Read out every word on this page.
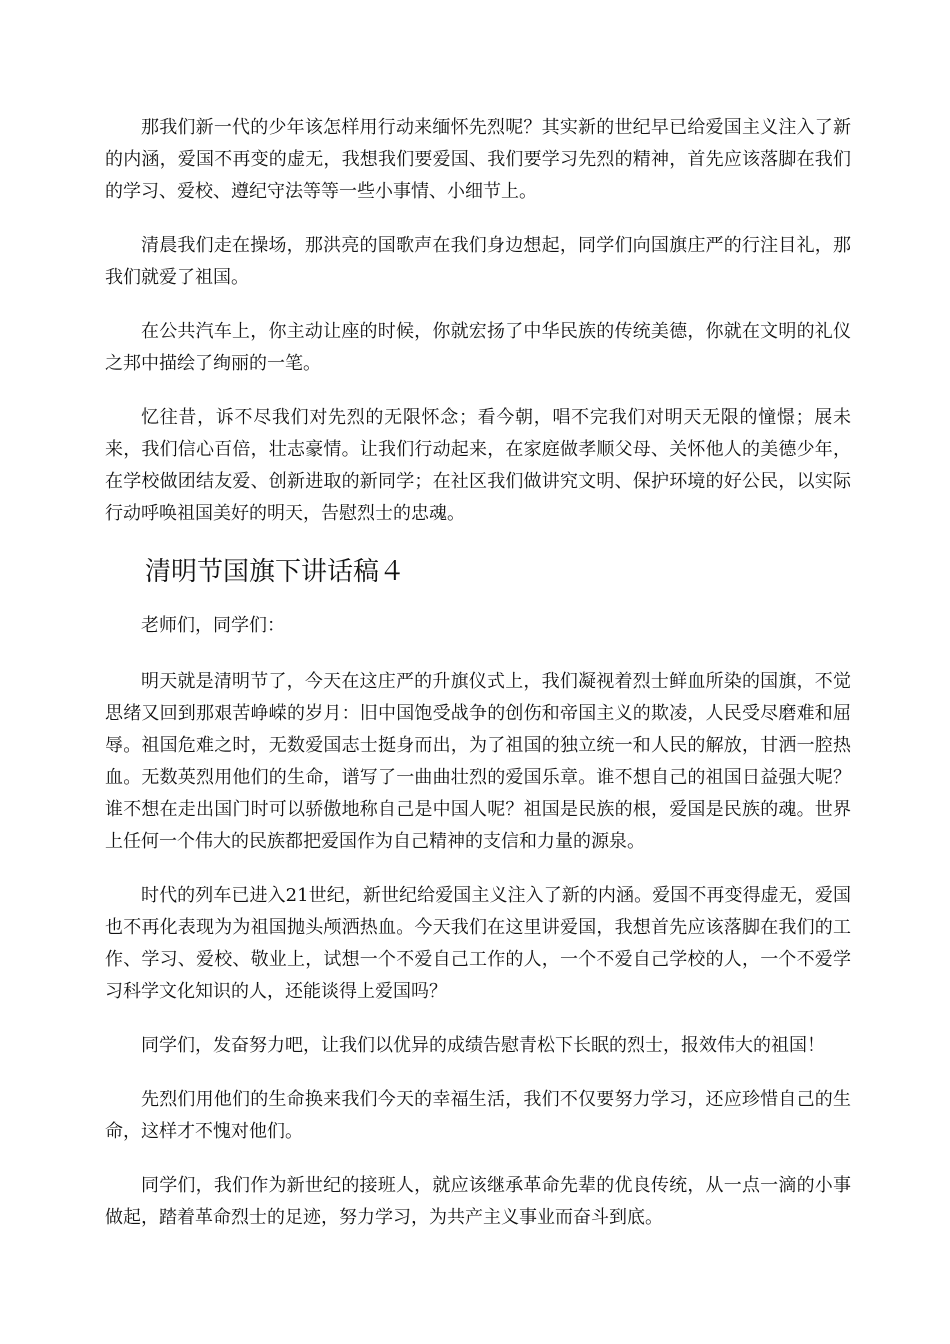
那我们新一代的少年该怎样用行动来缅怀先烈呢？其实新的世纪早已给爱国主义注入了新的内涵，爱国不再变的虚无，我想我们要爱国、我们要学习先烈的精神，首先应该落脚在我们的学习、爱校、遵纪守法等等一些小事情、小细节上。

清晨我们走在操场，那洪亮的国歌声在我们身边想起，同学们向国旗庄严的行注目礼，那我们就爱了祖国。

在公共汽车上，你主动让座的时候，你就宏扬了中华民族的传统美德，你就在文明的礼仪之邦中描绘了绚丽的一笔。

忆往昔，诉不尽我们对先烈的无限怀念；看今朝，唱不完我们对明天无限的憧憬；展未来，我们信心百倍，壮志豪情。让我们行动起来，在家庭做孝顺父母、关怀他人的美德少年，在学校做团结友爱、创新进取的新同学；在社区我们做讲究文明、保护环境的好公民，以实际行动呼唤祖国美好的明天，告慰烈士的忠魂。

清明节国旗下讲话稿４

老师们，同学们：

明天就是清明节了，今天在这庄严的升旗仪式上，我们凝视着烈士鲜血所染的国旗，不觉思绪又回到那艰苦峥嵘的岁月：旧中国饱受战争的创伤和帝国主义的欺凌，人民受尽磨难和屈辱。祖国危难之时，无数爱国志士挺身而出，为了祖国的独立统一和人民的解放，甘洒一腔热血。无数英烈用他们的生命，谱写了一曲曲壮烈的爱国乐章。谁不想自己的祖国日益强大呢？谁不想在走出国门时可以骄傲地称自己是中国人呢？祖国是民族的根，爱国是民族的魂。世界上任何一个伟大的民族都把爱国作为自己精神的支信和力量的源泉。

时代的列车已进入21世纪，新世纪给爱国主义注入了新的内涵。爱国不再变得虚无，爱国也不再化表现为为祖国抛头颅洒热血。今天我们在这里讲爱国，我想首先应该落脚在我们的工作、学习、爱校、敬业上，试想一个不爱自己工作的人，一个不爱自己学校的人，一个不爱学习科学文化知识的人，还能谈得上爱国吗？

同学们，发奋努力吧，让我们以优异的成绩告慰青松下长眠的烈士，报效伟大的祖国！

先烈们用他们的生命换来我们今天的幸福生活，我们不仅要努力学习，还应珍惜自己的生命，这样才不愧对他们。

同学们，我们作为新世纪的接班人，就应该继承革命先辈的优良传统，从一点一滴的小事做起，踏着革命烈士的足迹，努力学习，为共产主义事业而奋斗到底。
